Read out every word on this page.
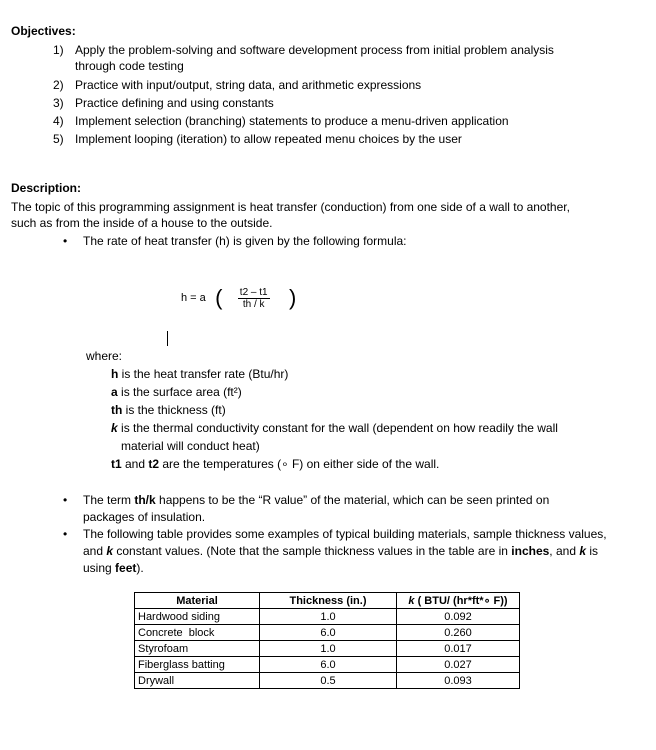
Objectives:
1) Apply the problem-solving and software development process from initial problem analysis
through code testing
2) Practice with input/output, string data, and arithmetic expressions
3) Practice defining and using constants
4) Implement selection (branching) statements to produce a menu-driven application
5) Implement looping (iteration) to allow repeated menu choices by the user
Description:
The topic of this programming assignment is heat transfer (conduction) from one side of a wall to another,
such as from the inside of a house to the outside.
• The rate of heat transfer (h) is given by the following formula:
h = a ( $\frac{t2 - t1}{th / k}$ )
where:
h is the heat transfer rate (Btu/hr)
a is the surface area (ft²)
th is the thickness (ft)
k is the thermal conductivity constant for the wall (dependent on how readily the wall
material will conduct heat)
t1 and t2 are the temperatures (∘ F) on either side of the wall.
• The term th/k happens to be the “R value” of the material, which can be seen printed on
packages of insulation.
• The following table provides some examples of typical building materials, sample thickness values,
and k constant values. (Note that the sample thickness values in the table are in inches, and k is
using feet).
Material	Thickness (in.)	k ( BTU/ (hr*ft*∘ F))
Hardwood siding	1.0	0.092
Concrete  block	6.0	0.260
Styrofoam	1.0	0.017
Fiberglass batting	6.0	0.027
Drywall	0.5	0.093
